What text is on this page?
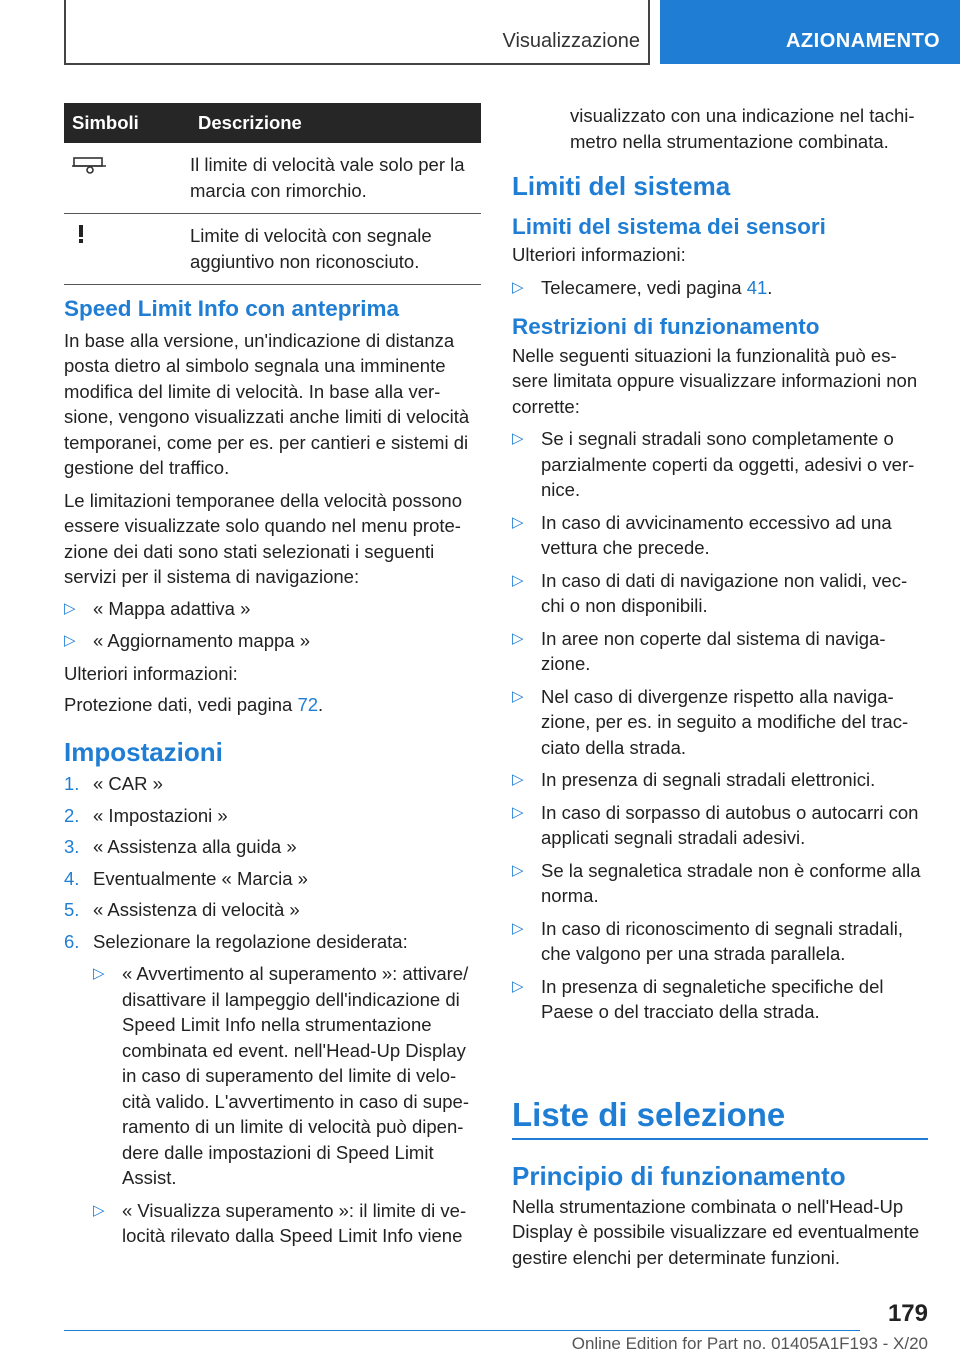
Visualizzazione	AZIONAMENTO
Simboli	Descrizione
	Il limite di velocità vale solo per la marcia con rimorchio.
	Limite di velocità con segnale aggiuntivo non riconosciuto.
Speed Limit Info con anteprima

In base alla versione, un'indicazione di distanza posta dietro al simbolo segnala una imminente modifica del limite di velocità. In base alla ver-sione, vengono visualizzati anche limiti di velocità temporanei, come per es. per cantieri e sistemi di gestione del traffico.

Le limitazioni temporanee della velocità possono essere visualizzate solo quando nel menu prote-zione dei dati sono stati selezionati i seguenti servizi per il sistema di navigazione:

▷ « Mappa adattiva »
▷ « Aggiornamento mappa »

Ulteriori informazioni:

Protezione dati, vedi pagina 72.

Impostazioni
1. « CAR »
2. « Impostazioni »
3. « Assistenza alla guida »
4. Eventualmente « Marcia »
5. « Assistenza di velocità »
6. Selezionare la regolazione desiderata:
▷ « Avvertimento al superamento »: attivare/ disattivare il lampeggio dell'indicazione di Speed Limit Info nella strumentazione combinata ed event. nell'Head-Up Display in caso di superamento del limite di velo-cità valido. L'avvertimento in caso di supe-ramento di un limite di velocità può dipen-dere dalle impostazioni di Speed Limit Assist.
▷ « Visualizza superamento »: il limite di ve-locità rilevato dalla Speed Limit Info viene

visualizzato con una indicazione nel tachi-metro nella strumentazione combinata.

Limiti del sistema
Limiti del sistema dei sensori

Ulteriori informazioni:

▷ Telecamere, vedi pagina 41.
Restrizioni di funzionamento

Nelle seguenti situazioni la funzionalità può es-sere limitata oppure visualizzare informazioni non corrette:

▷ Se i segnali stradali sono completamente o parzialmente coperti da oggetti, adesivi o ver-nice.
▷ In caso di avvicinamento eccessivo ad una vettura che precede.
▷ In caso di dati di navigazione non validi, vec-chi o non disponibili.
▷ In aree non coperte dal sistema di naviga-zione.
▷ Nel caso di divergenze rispetto alla naviga-zione, per es. in seguito a modifiche del trac-ciato della strada.
▷ In presenza di segnali stradali elettronici.
▷ In caso di sorpasso di autobus o autocarri con applicati segnali stradali adesivi.
▷ Se la segnaletica stradale non è conforme alla norma.
▷ In caso di riconoscimento di segnali stradali, che valgono per una strada parallela.
▷ In presenza di segnaletiche specifiche del Paese o del tracciato della strada.
Liste di selezione
Principio di funzionamento

Nella strumentazione combinata o nell'Head-Up Display è possibile visualizzare ed eventualmente gestire elenchi per determinate funzioni.

179
Online Edition for Part no. 01405A1F193 - X/20
